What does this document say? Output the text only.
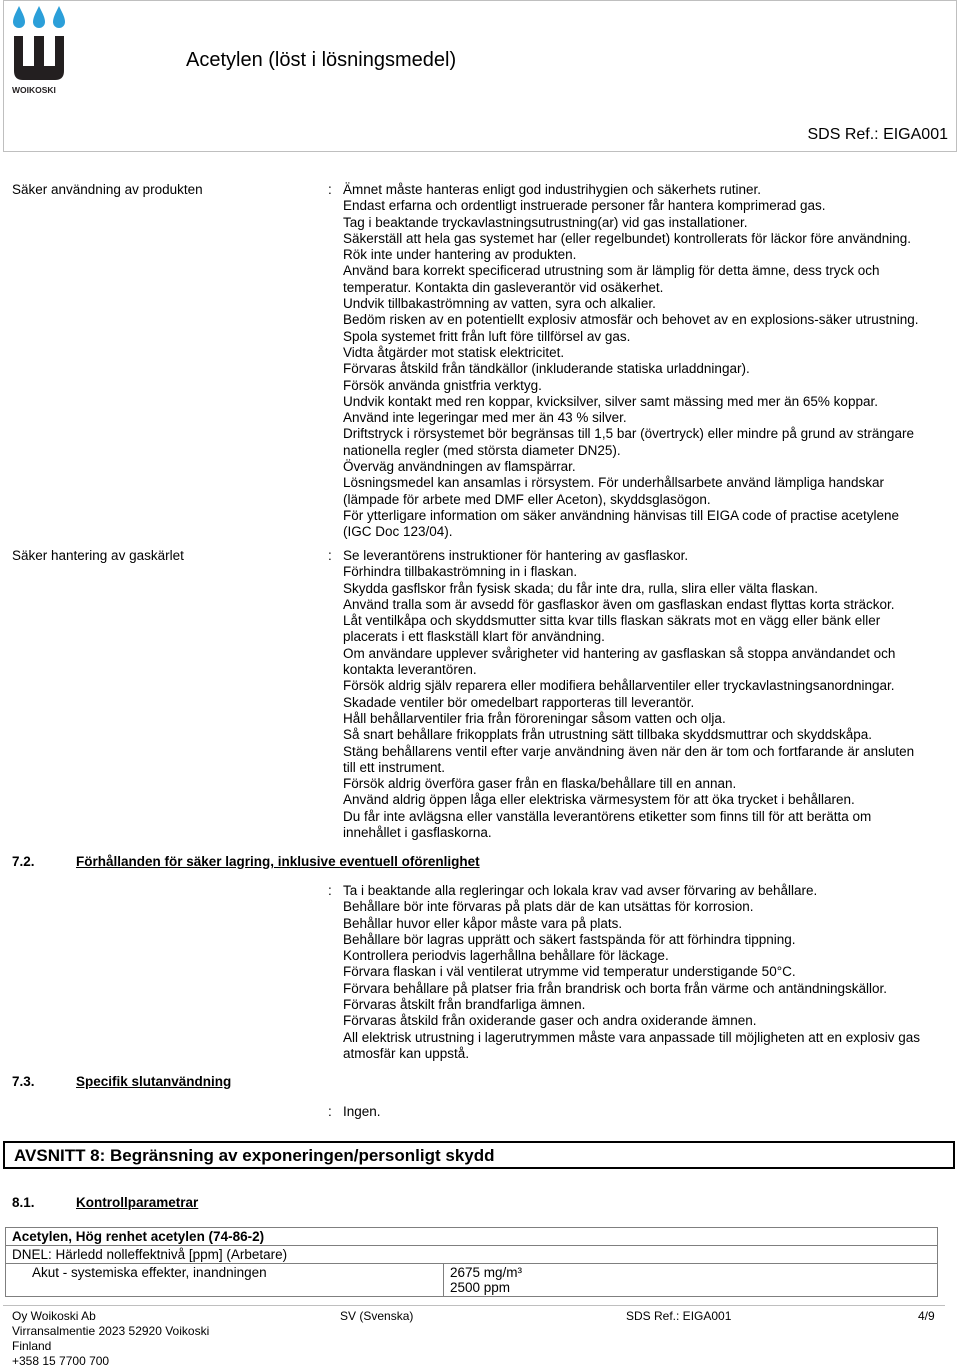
WOIKOSKI
Acetylen (löst i lösningsmedel)
SDS Ref.: EIGA001
Säker användning av produkten	: Ämnet måste hanteras enligt god industrihygien och säkerhets rutiner.
Endast erfarna och ordentligt instruerade personer får hantera komprimerad gas.
Tag i beaktande tryckavlastningsutrustning(ar) vid gas installationer.
Säkerställ att hela gas systemet har (eller regelbundet) kontrollerats för läckor före användning.
Rök inte under hantering av produkten.
Använd bara korrekt specificerad utrustning som är lämplig för detta ämne, dess tryck och
temperatur. Kontakta din gasleverantör vid osäkerhet.
Undvik tillbakaströmning av vatten, syra och alkalier.
Bedöm risken av en potentiellt explosiv atmosfär och behovet av en explosions-säker utrustning.
Spola systemet fritt från luft före tillförsel av gas.
Vidta åtgärder mot statisk elektricitet.
Förvaras åtskild från tändkällor (inkluderande statiska urladdningar).
Försök använda gnistfria verktyg.
Undvik kontakt med ren koppar, kvicksilver, silver samt mässing med mer än 65% koppar.
Använd inte legeringar med mer än 43 % silver.
Driftstryck i rörsystemet bör begränsas till 1,5 bar (övertryck) eller mindre på grund av strängare
nationella regler (med största diameter DN25).
Överväg användningen av flamspärrar.
Lösningsmedel kan ansamlas i rörsystem. För underhållsarbete använd lämpliga handskar
(lämpade för arbete med DMF eller Aceton), skyddsglasögon.
För ytterligare information om säker användning hänvisas till EIGA code of practise acetylene
(IGC Doc 123/04).
Säker hantering av gaskärlet	: Se leverantörens instruktioner för hantering av gasflaskor.
Förhindra tillbakaströmning in i flaskan.
Skydda gasflskor från fysisk skada; du får inte dra, rulla, slira eller välta flaskan.
Använd tralla som är avsedd för gasflaskor även om gasflaskan endast flyttas korta sträckor.
Låt ventilkåpa och skyddsmutter sitta kvar tills flaskan säkrats mot en vägg eller bänk eller
placerats i ett flaskställ klart för användning.
Om användare upplever svårigheter vid hantering av gasflaskan så stoppa användandet och
kontakta leverantören.
Försök aldrig själv reparera eller modifiera behållarventiler eller tryckavlastningsanordningar.
Skadade ventiler bör omedelbart rapporteras till leverantör.
Håll behållarventiler fria från föroreningar såsom vatten och olja.
Så snart behållare frikopplats från utrustning sätt tillbaka skyddsmuttrar och skyddskåpa.
Stäng behållarens ventil efter varje användning även när den är tom och fortfarande är ansluten
till ett instrument.
Försök aldrig överföra gaser från en flaska/behållare till en annan.
Använd aldrig öppen låga eller elektriska värmesystem för att öka trycket i behållaren.
Du får inte avlägsna eller vanställa leverantörens etiketter som finns till för att berätta om
innehållet i gasflaskorna.
7.2.	Förhållanden för säker lagring, inklusive eventuell oförenlighet
: Ta i beaktande alla regleringar och lokala krav vad avser förvaring av behållare.
Behållare bör inte förvaras på plats där de kan utsättas för korrosion.
Behållar huvor eller kåpor måste vara på plats.
Behållare bör lagras upprätt och säkert fastspända för att förhindra tippning.
Kontrollera periodvis lagerhållna behållare för läckage.
Förvara flaskan i väl ventilerat utrymme vid temperatur understigande 50°C.
Förvara behållare på platser fria från brandrisk och borta från värme och antändningskällor.
Förvaras åtskilt från brandfarliga ämnen.
Förvaras åtskild från oxiderande gaser och andra oxiderande ämnen.
All elektrisk utrustning i lagerutrymmen måste vara anpassade till möjligheten att en explosiv gas
atmosfär kan uppstå.
7.3.	Specifik slutanvändning
: Ingen.
AVSNITT 8: Begränsning av exponeringen/personligt skydd
8.1.	Kontrollparametrar
Acetylen, Hög renhet acetylen (74-86-2)
DNEL: Härledd nolleffektnivå [ppm] (Arbetare)
Akut - systemiska effekter, inandningen	2675 mg/m³
2500 ppm
Oy Woikoski Ab
Virransalmentie 2023 52920 Voikoski
Finland
+358 15 7700 700
SV (Svenska)	SDS Ref.: EIGA001	4/9
